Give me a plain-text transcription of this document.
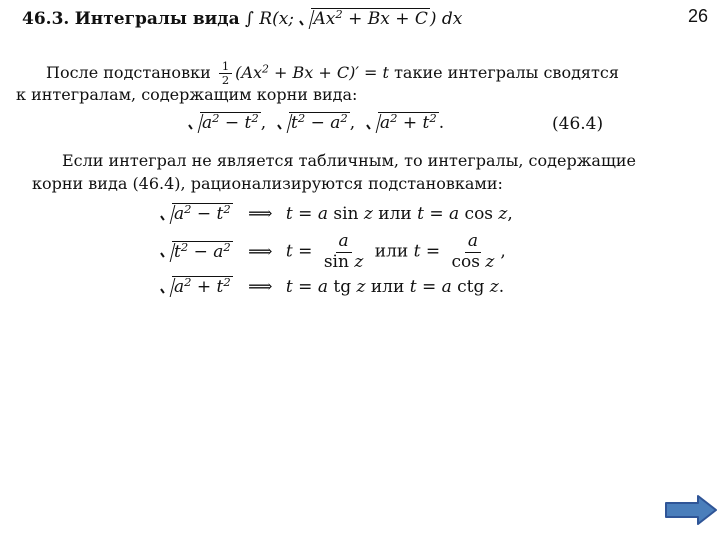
26
46.3. Интегралы вида ∫ R(x;
$Ax^2 + Bx + C$ ) dx
После подстановки $\frac{1}{2} (Ax^2 + Bx + C)' = t$ такие интегралы сводятся
к интегралам, содержащим корни вида:
$a^2 - t^2$ , $t^2 - a^2$ , $a^2 + t^2$ .	(46.4)
Если интеграл не является табличным, то интегралы, содержащие
корни вида (46.4), рационализируются подстановками:
$a^2 - t^2$ ⟹ t = a sin z или t = a cos z,
$t^2 - a^2$ ⟹ $t = \frac{a}{\text{sin z}}$ или $t = \frac{a}{\text{cos z}}$ ,
$a^2 + t^2$ ⟹ t = a tg z или t = a ctg z.
